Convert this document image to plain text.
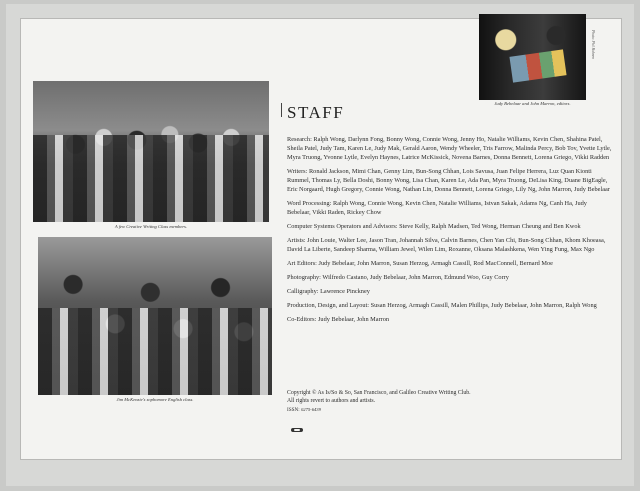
A few Creative Writing Class members.
Jim McKenzie's sophomore English class.
Photo: Phil Hohnen
Judy Bebelaar and John Marron, editors.
STAFF

Research: Ralph Wong, Darlynn Fong, Bonny Wong, Connie Wong, Jenny Ho, Natalie Williams, Kevin Chen, Shahina Patel, Sheila Patel, Judy Tam, Karen Le, Judy Mak, Gerald Aaron, Wendy Wheeler, Tris Farrow, Malinda Percy, Bob Tov, Yvette Lytle, Myra Truong, Yvonne Lytle, Evelyn Haynes, Latrice McKissick, Novena Barnes, Donna Bennett, Lorena Griego, Vikki Radden

Writers: Ronald Jackson, Mimi Chan, Genny Lim, Bun-Song Chhan, Lois Savusa, Juan Felipe Herrera, Luz Quan Kionti Rummel, Thomas Ly, Bella Doshi, Bonny Wong, Lisa Chan, Karen Le, Ada Pan, Myra Truong, DeLisa King, Duane BigEagle, Eric Norgaard, Hugh Gregory, Connie Wong, Nathan Lin, Donna Bennett, Lorena Griego, Lily Ng, John Marron, Judy Bebelaar

Word Processing: Ralph Wong, Connie Wong, Kevin Chen, Natalie Williams, Istvan Sakak, Adams Ng, Canh Ha, Judy Bebelaar, Vikki Raden, Rickey Chow

Computer Systems Operators and Advisors: Steve Kelly, Ralph Madsen, Ted Wong, Herman Cheung and Ben Kwok

Artists: John Louie, Walter Lee, Jason Tran, Johannah Silva, Calvin Barnes, Chen Yan Chi, Bun-Song Chhan, Khom Khoeasa, David La Liberte, Sandeep Sharma, William Jewel, Wilen Lim, Roxanne, Oksana Malashkena, Wen Ying Fung, Max Ngo

Art Editors: Judy Bebelaar, John Marron, Susan Herzog, Armagh Cassill, Rod MacConnell, Bernard Moe

Photography: Wilfredo Castano, Judy Bebelaar, John Marron, Edmund Woo, Guy Corry

Calligraphy: Lawrence Pinckney

Production, Design, and Layout: Susan Herzog, Armagh Cassill, Malen Phillips, Judy Bebelaar, John Marron, Ralph Wong

Co-Editors: Judy Bebelaar, John Marron

Copyright © As Is/So & So, San Francisco, and Galileo Creative Writing Club.
All rights revert to authors and artists.
ISSN: 0275-6439
